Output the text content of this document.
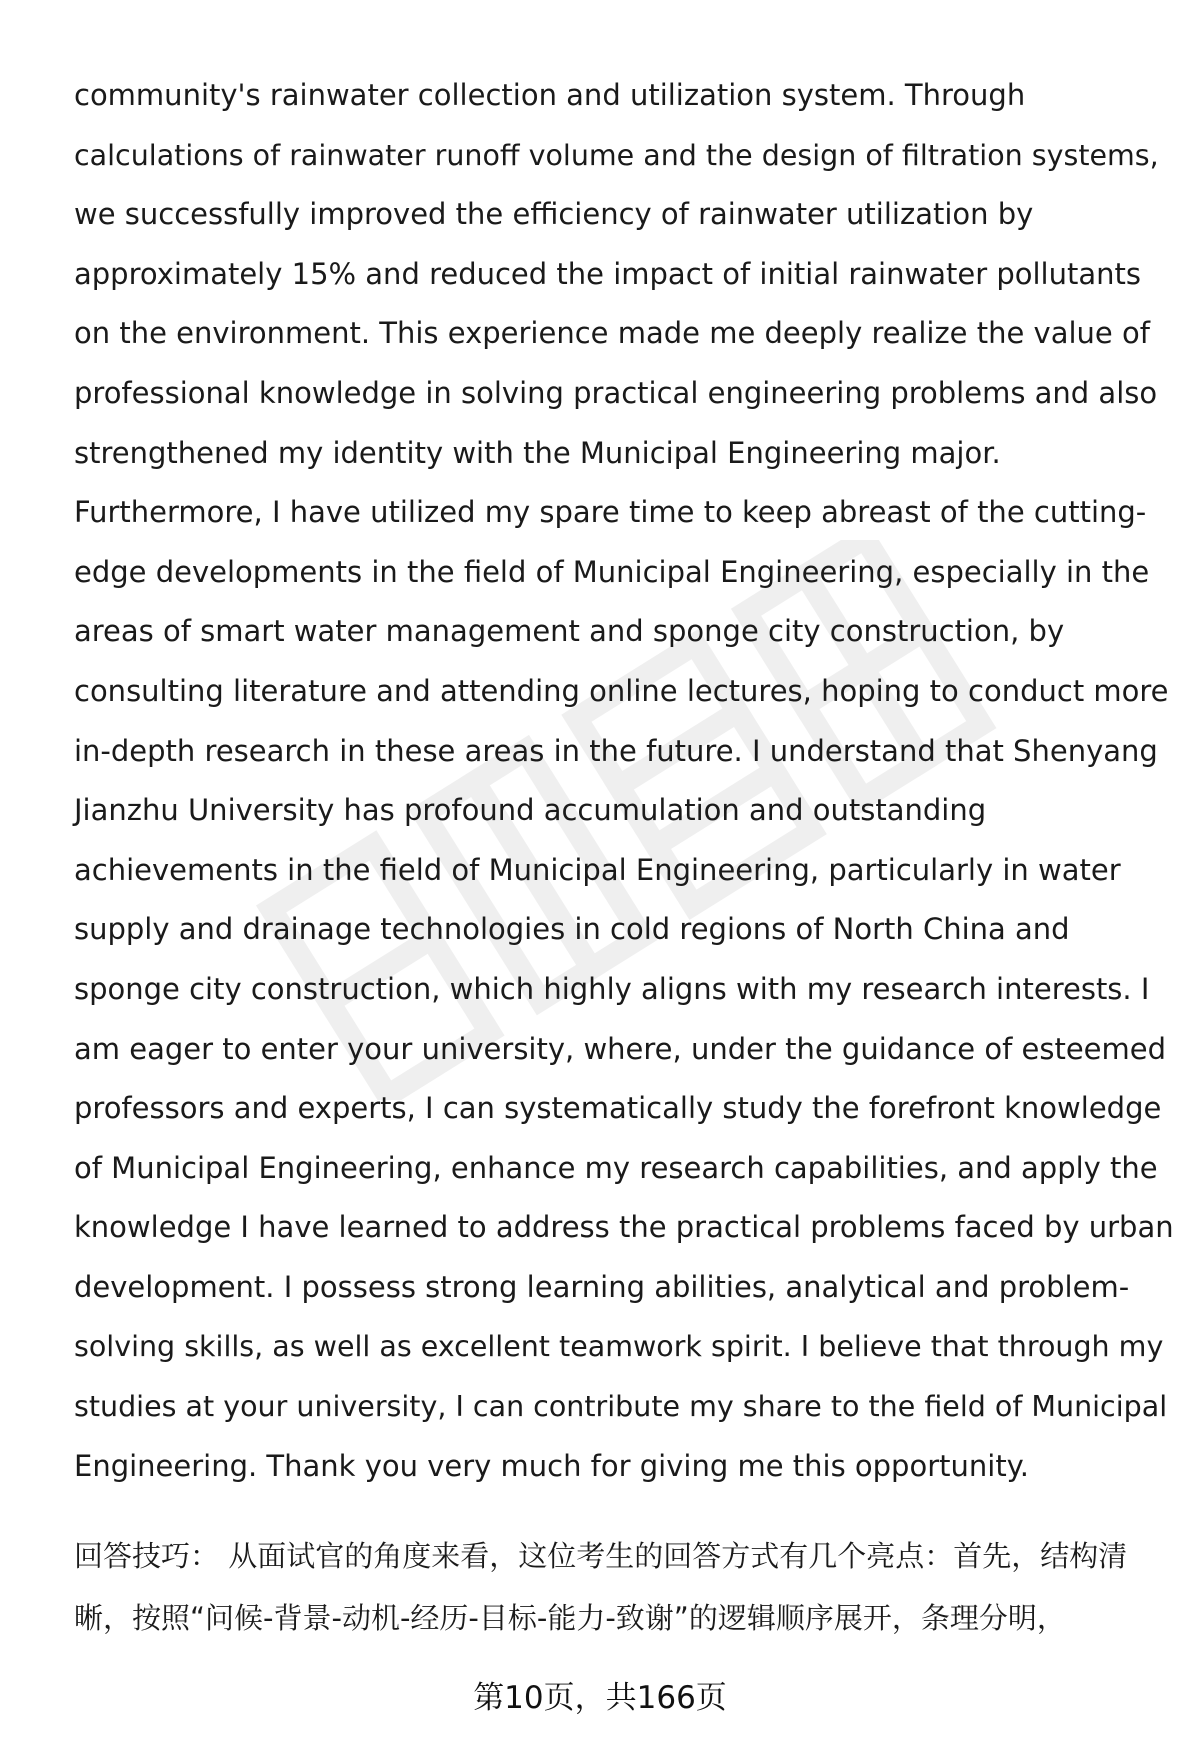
community's rainwater collection and utilization system. Through
calculations of rainwater runoff volume and the design of filtration systems,
we successfully improved the efficiency of rainwater utilization by
approximately 15% and reduced the impact of initial rainwater pollutants
on the environment. This experience made me deeply realize the value of
professional knowledge in solving practical engineering problems and also
strengthened my identity with the Municipal Engineering major.
Furthermore, I have utilized my spare time to keep abreast of the cutting-
edge developments in the field of Municipal Engineering, especially in the
areas of smart water management and sponge city construction, by
consulting literature and attending online lectures, hoping to conduct more
in-depth research in these areas in the future. I understand that Shenyang
Jianzhu University has profound accumulation and outstanding
achievements in the field of Municipal Engineering, particularly in water
supply and drainage technologies in cold regions of North China and
sponge city construction, which highly aligns with my research interests. I
am eager to enter your university, where, under the guidance of esteemed
professors and experts, I can systematically study the forefront knowledge
of Municipal Engineering, enhance my research capabilities, and apply the
knowledge I have learned to address the practical problems faced by urban
development. I possess strong learning abilities, analytical and problem-
solving skills, as well as excellent teamwork spirit. I believe that through my
studies at your university, I can contribute my share to the field of Municipal
Engineering. Thank you very much for giving me this opportunity.
回答技巧： 从面试官的角度来看，这位考生的回答方式有几个亮点：首先，结构清
晰，按照“问候-背景-动机-经历-目标-能力-致谢”的逻辑顺序展开，条理分明，
第10页，共166页
